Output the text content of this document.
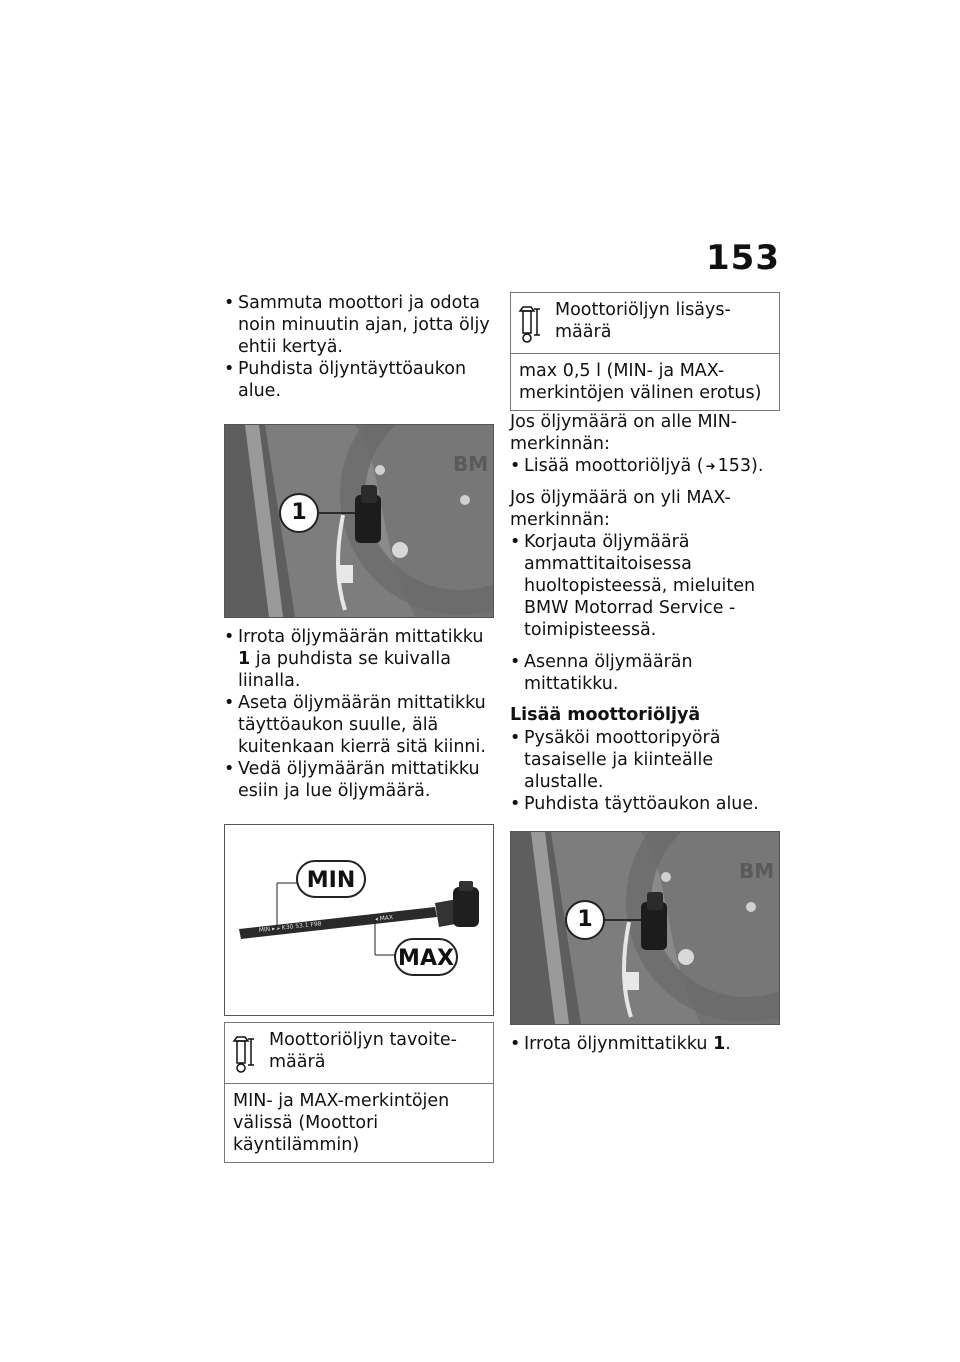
153
• Sammuta moottori ja odota noin minuutin ajan, jotta öljy ehtii kertyä.
• Puhdista öljyntäyttöaukon alue.
BM
1
• Irrota öljymäärän mittatikku 1 ja puhdista se kuivalla liinalla.
• Aseta öljymäärän mittatikku täyttöaukon suulle, älä kuitenkaan kierrä sitä kiinni.
• Vedä öljymäärän mittatikku esiin ja lue öljymäärä.
MIN ▸ ▸ K30 53.1 F98
◂ MAX
MIN
MAX
Moottoriöljyn tavoitemäärä
MIN- ja MAX-merkintöjen välissä (Moottori käyntilämmin)
Moottoriöljyn lisäysmäärä
max 0,5 l (MIN- ja MAX-merkintöjen välinen erotus)
Jos öljymäärä on alle MIN-merkinnän:
• Lisää moottoriöljyä ( ➜ 153).
Jos öljymäärä on yli MAX-merkinnän:
• Korjauta öljymäärä ammattitaitoisessa huoltopisteessä, mieluiten BMW Motorrad Service -toimipisteessä.
• Asenna öljymäärän mittatikku.
Lisää moottoriöljyä
• Pysäköi moottoripyörä tasaiselle ja kiinteälle alustalle.
• Puhdista täyttöaukon alue.
BM
1
• Irrota öljynmittatikku 1.
